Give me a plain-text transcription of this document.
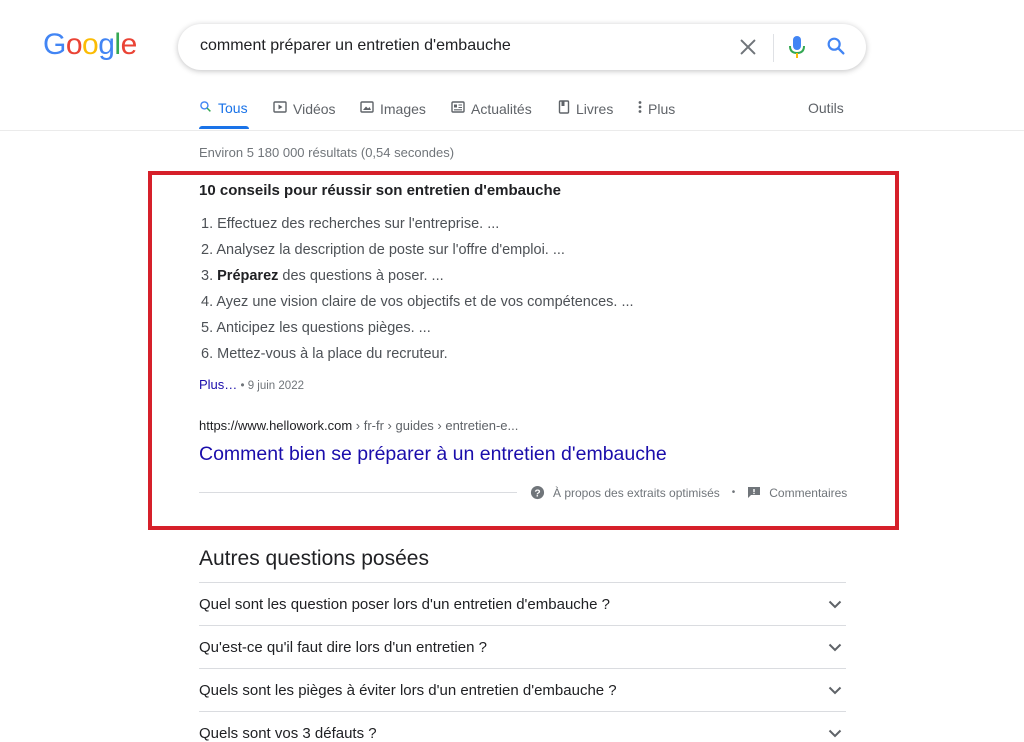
Google	comment préparer un entretien d'embauche
Tous	Vidéos	Images	Actualités	Livres Plus	Outils
Environ 5 180 000 résultats (0,54 secondes)
10 conseils pour réussir son entretien d'embauche
1. Effectuez des recherches sur l'entreprise. ...
2. Analysez la description de poste sur l'offre d'emploi. ...
3. Préparez des questions à poser. ...
4. Ayez une vision claire de vos objectifs et de vos compétences. ...
5. Anticipez les questions pièges. ...
6. Mettez-vous à la place du recruteur.
Plus… • 9 juin 2022
https://www.hellowork.com › fr-fr › guides › entretien-e...
Comment bien se préparer à un entretien d'embauche
? À propos des extraits optimisés •	Commentaires
Autres questions posées
Quel sont les question poser lors d'un entretien d'embauche ?
Qu'est-ce qu'il faut dire lors d'un entretien ?
Quels sont les pièges à éviter lors d'un entretien d'embauche ?
Quels sont vos 3 défauts ?
